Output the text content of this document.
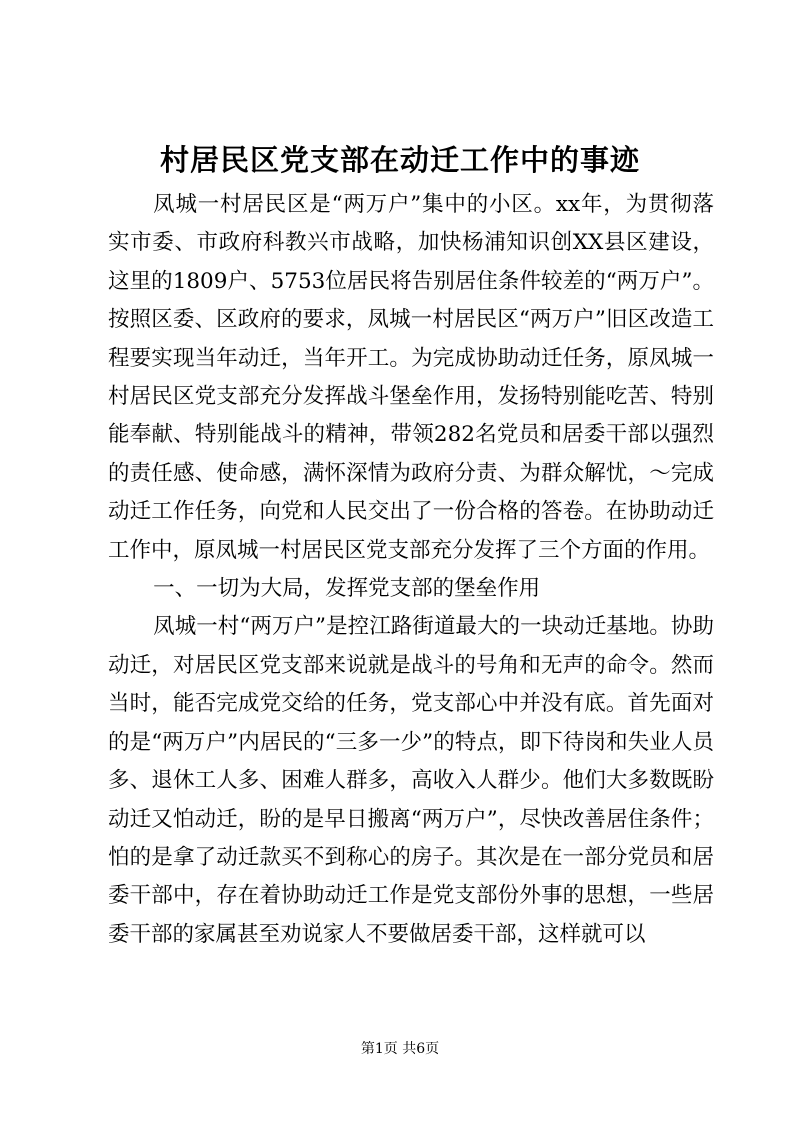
村居民区党支部在动迁工作中的事迹

凤城一村居民区是“两万户”集中的小区。xx年，为贯彻落实市委、市政府科教兴市战略，加快杨浦知识创XX县区建设，这里的1809户、5753位居民将告别居住条件较差的“两万户”。按照区委、区政府的要求，凤城一村居民区“两万户”旧区改造工程要实现当年动迁，当年开工。为完成协助动迁任务，原凤城一村居民区党支部充分发挥战斗堡垒作用，发扬特别能吃苦、特别能奉献、特别能战斗的精神，带领282名党员和居委干部以强烈的责任感、使命感，满怀深情为政府分责、为群众解忧，～完成动迁工作任务，向党和人民交出了一份合格的答卷。在协助动迁工作中，原凤城一村居民区党支部充分发挥了三个方面的作用。

一、一切为大局，发挥党支部的堡垒作用

凤城一村“两万户”是控江路街道最大的一块动迁基地。协助动迁，对居民区党支部来说就是战斗的号角和无声的命令。然而当时，能否完成党交给的任务，党支部心中并没有底。首先面对的是“两万户”内居民的“三多一少”的特点，即下待岗和失业人员多、退休工人多、困难人群多，高收入人群少。他们大多数既盼动迁又怕动迁，盼的是早日搬离“两万户”，尽快改善居住条件；怕的是拿了动迁款买不到称心的房子。其次是在一部分党员和居委干部中，存在着协助动迁工作是党支部份外事的思想，一些居委干部的家属甚至劝说家人不要做居委干部，这样就可以

第1页 共6页
